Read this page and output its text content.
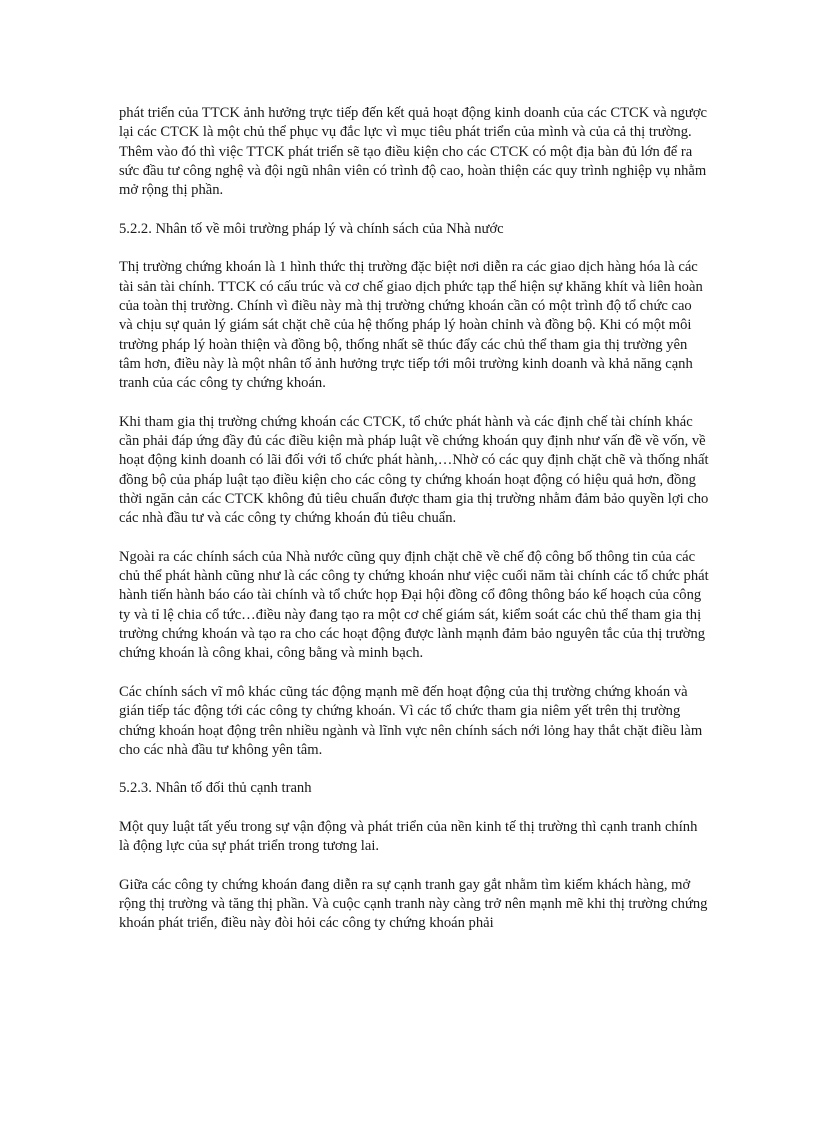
phát triển của TTCK ảnh hưởng trực tiếp đến kết quả hoạt động kinh doanh của các CTCK và ngược lại các CTCK là một chủ thể phục vụ đắc lực vì mục tiêu phát triển của mình và của cả thị trường. Thêm vào đó thì việc TTCK phát triển sẽ tạo điều kiện cho các CTCK có một địa bàn đủ lớn để ra sức đầu tư công nghệ và đội ngũ nhân viên có trình độ cao, hoàn thiện các quy trình nghiệp vụ nhằm mở rộng thị phần.

5.2.2. Nhân tố về môi trường pháp lý và chính sách của Nhà nước

Thị trường chứng khoán là 1 hình thức thị trường đặc biệt nơi diễn ra các giao dịch hàng hóa là các tài sản tài chính. TTCK có cấu trúc và cơ chế giao dịch phức tạp thể hiện sự khăng khít và liên hoàn của toàn thị trường. Chính vì điều này mà thị trường chứng khoán cần có một trình độ tổ chức cao và chịu sự quản lý giám sát chặt chẽ của hệ thống pháp lý hoàn chỉnh và đồng bộ. Khi có một môi trường pháp lý hoàn thiện và đồng bộ, thống nhất sẽ thúc đẩy các chủ thể tham gia thị trường yên tâm hơn, điều này là một nhân tố ảnh hưởng trực tiếp tới môi trường kinh doanh và khả năng cạnh tranh của các công ty chứng khoán.

Khi tham gia thị trường chứng khoán các CTCK, tổ chức phát hành và các định chế tài chính khác cần phải đáp ứng đầy đủ các điều kiện mà pháp luật về chứng khoán quy định như vấn đề về vốn, về hoạt động kinh doanh có lãi đối với tổ chức phát hành,…Nhờ có các quy định chặt chẽ và thống nhất đồng bộ của pháp luật tạo điều kiện cho các công ty chứng khoán hoạt động có hiệu quả hơn, đồng thời ngăn cản các CTCK không đủ tiêu chuẩn được tham gia thị trường nhằm đảm bảo quyền lợi cho các nhà đầu tư và các công ty chứng khoán đủ tiêu chuẩn.

Ngoài ra các chính sách của Nhà nước cũng quy định chặt chẽ về chế độ công bố thông tin của các chủ thể phát hành cũng như là các công ty chứng khoán như việc cuối năm tài chính các tổ chức phát hành tiến hành báo cáo tài chính và tổ chức họp Đại hội đồng cổ đông thông báo kế hoạch của công ty và tỉ lệ chia cổ tức…điều này đang tạo ra một cơ chế giám sát, kiểm soát các chủ thể tham gia thị trường chứng khoán và tạo ra cho các hoạt động được lành mạnh đảm bảo nguyên tắc của thị trường chứng khoán là công khai, công bằng và minh bạch.

Các chính sách vĩ mô khác cũng tác động mạnh mẽ đến hoạt động của thị trường chứng khoán và gián tiếp tác động tới các công ty chứng khoán. Vì các tổ chức tham gia niêm yết trên thị trường chứng khoán hoạt động trên nhiều ngành và lĩnh vực nên chính sách nới lỏng hay thắt chặt điều làm cho các nhà đầu tư không yên tâm.

5.2.3. Nhân tố đối thủ cạnh tranh

Một quy luật tất yếu trong sự vận động và phát triển của nền kinh tế thị trường thì cạnh tranh chính là động lực của sự phát triển trong tương lai.

Giữa các công ty chứng khoán đang diễn ra sự cạnh tranh gay gắt nhằm tìm kiếm khách hàng, mở rộng thị trường và tăng thị phần. Và cuộc cạnh tranh này càng trở nên mạnh mẽ khi thị trường chứng khoán phát triển, điều này đòi hỏi các công ty chứng khoán phải
